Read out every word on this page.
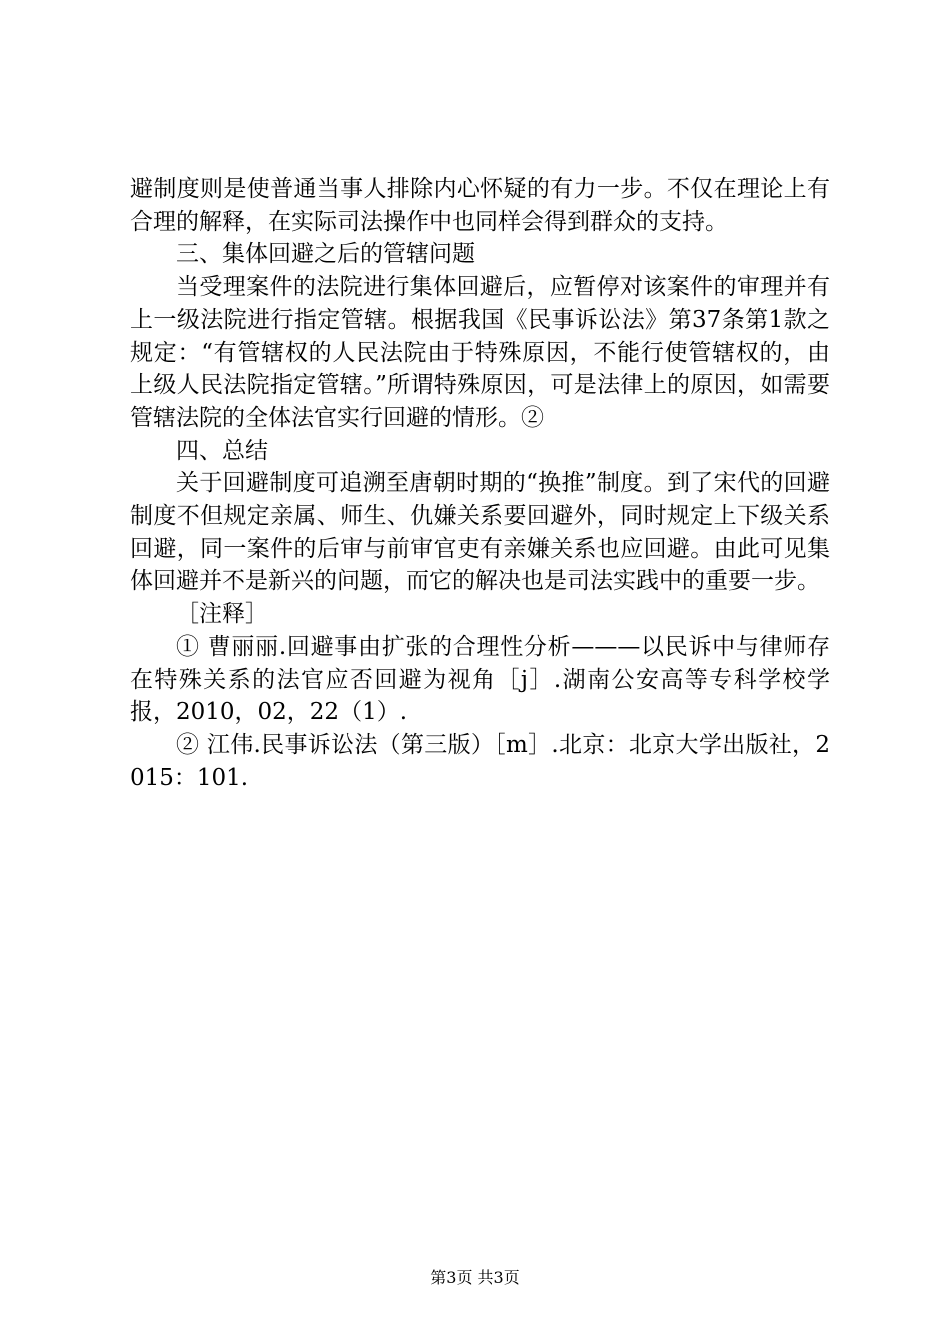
避制度则是使普通当事人排除内心怀疑的有力一步。不仅在理论上有合理的解释，在实际司法操作中也同样会得到群众的支持。

三、集体回避之后的管辖问题

当受理案件的法院进行集体回避后，应暂停对该案件的审理并有上一级法院进行指定管辖。根据我国《民事诉讼法》第37条第1款之规定：“有管辖权的人民法院由于特殊原因，不能行使管辖权的，由上级人民法院指定管辖。”所谓特殊原因，可是法律上的原因，如需要管辖法院的全体法官实行回避的情形。②

四、总结

关于回避制度可追溯至唐朝时期的“换推”制度。到了宋代的回避制度不但规定亲属、师生、仇嫌关系要回避外，同时规定上下级关系回避，同一案件的后审与前审官吏有亲嫌关系也应回避。由此可见集体回避并不是新兴的问题，而它的解决也是司法实践中的重要一步。

［注释］

① 曹丽丽.回避事由扩张的合理性分析———以民诉中与律师存在特殊关系的法官应否回避为视角［j］.湖南公安高等专科学校学报，2010，02，22（1）.

② 江伟.民事诉讼法（第三版）［m］.北京：北京大学出版社，2015：101.

第3页 共3页
